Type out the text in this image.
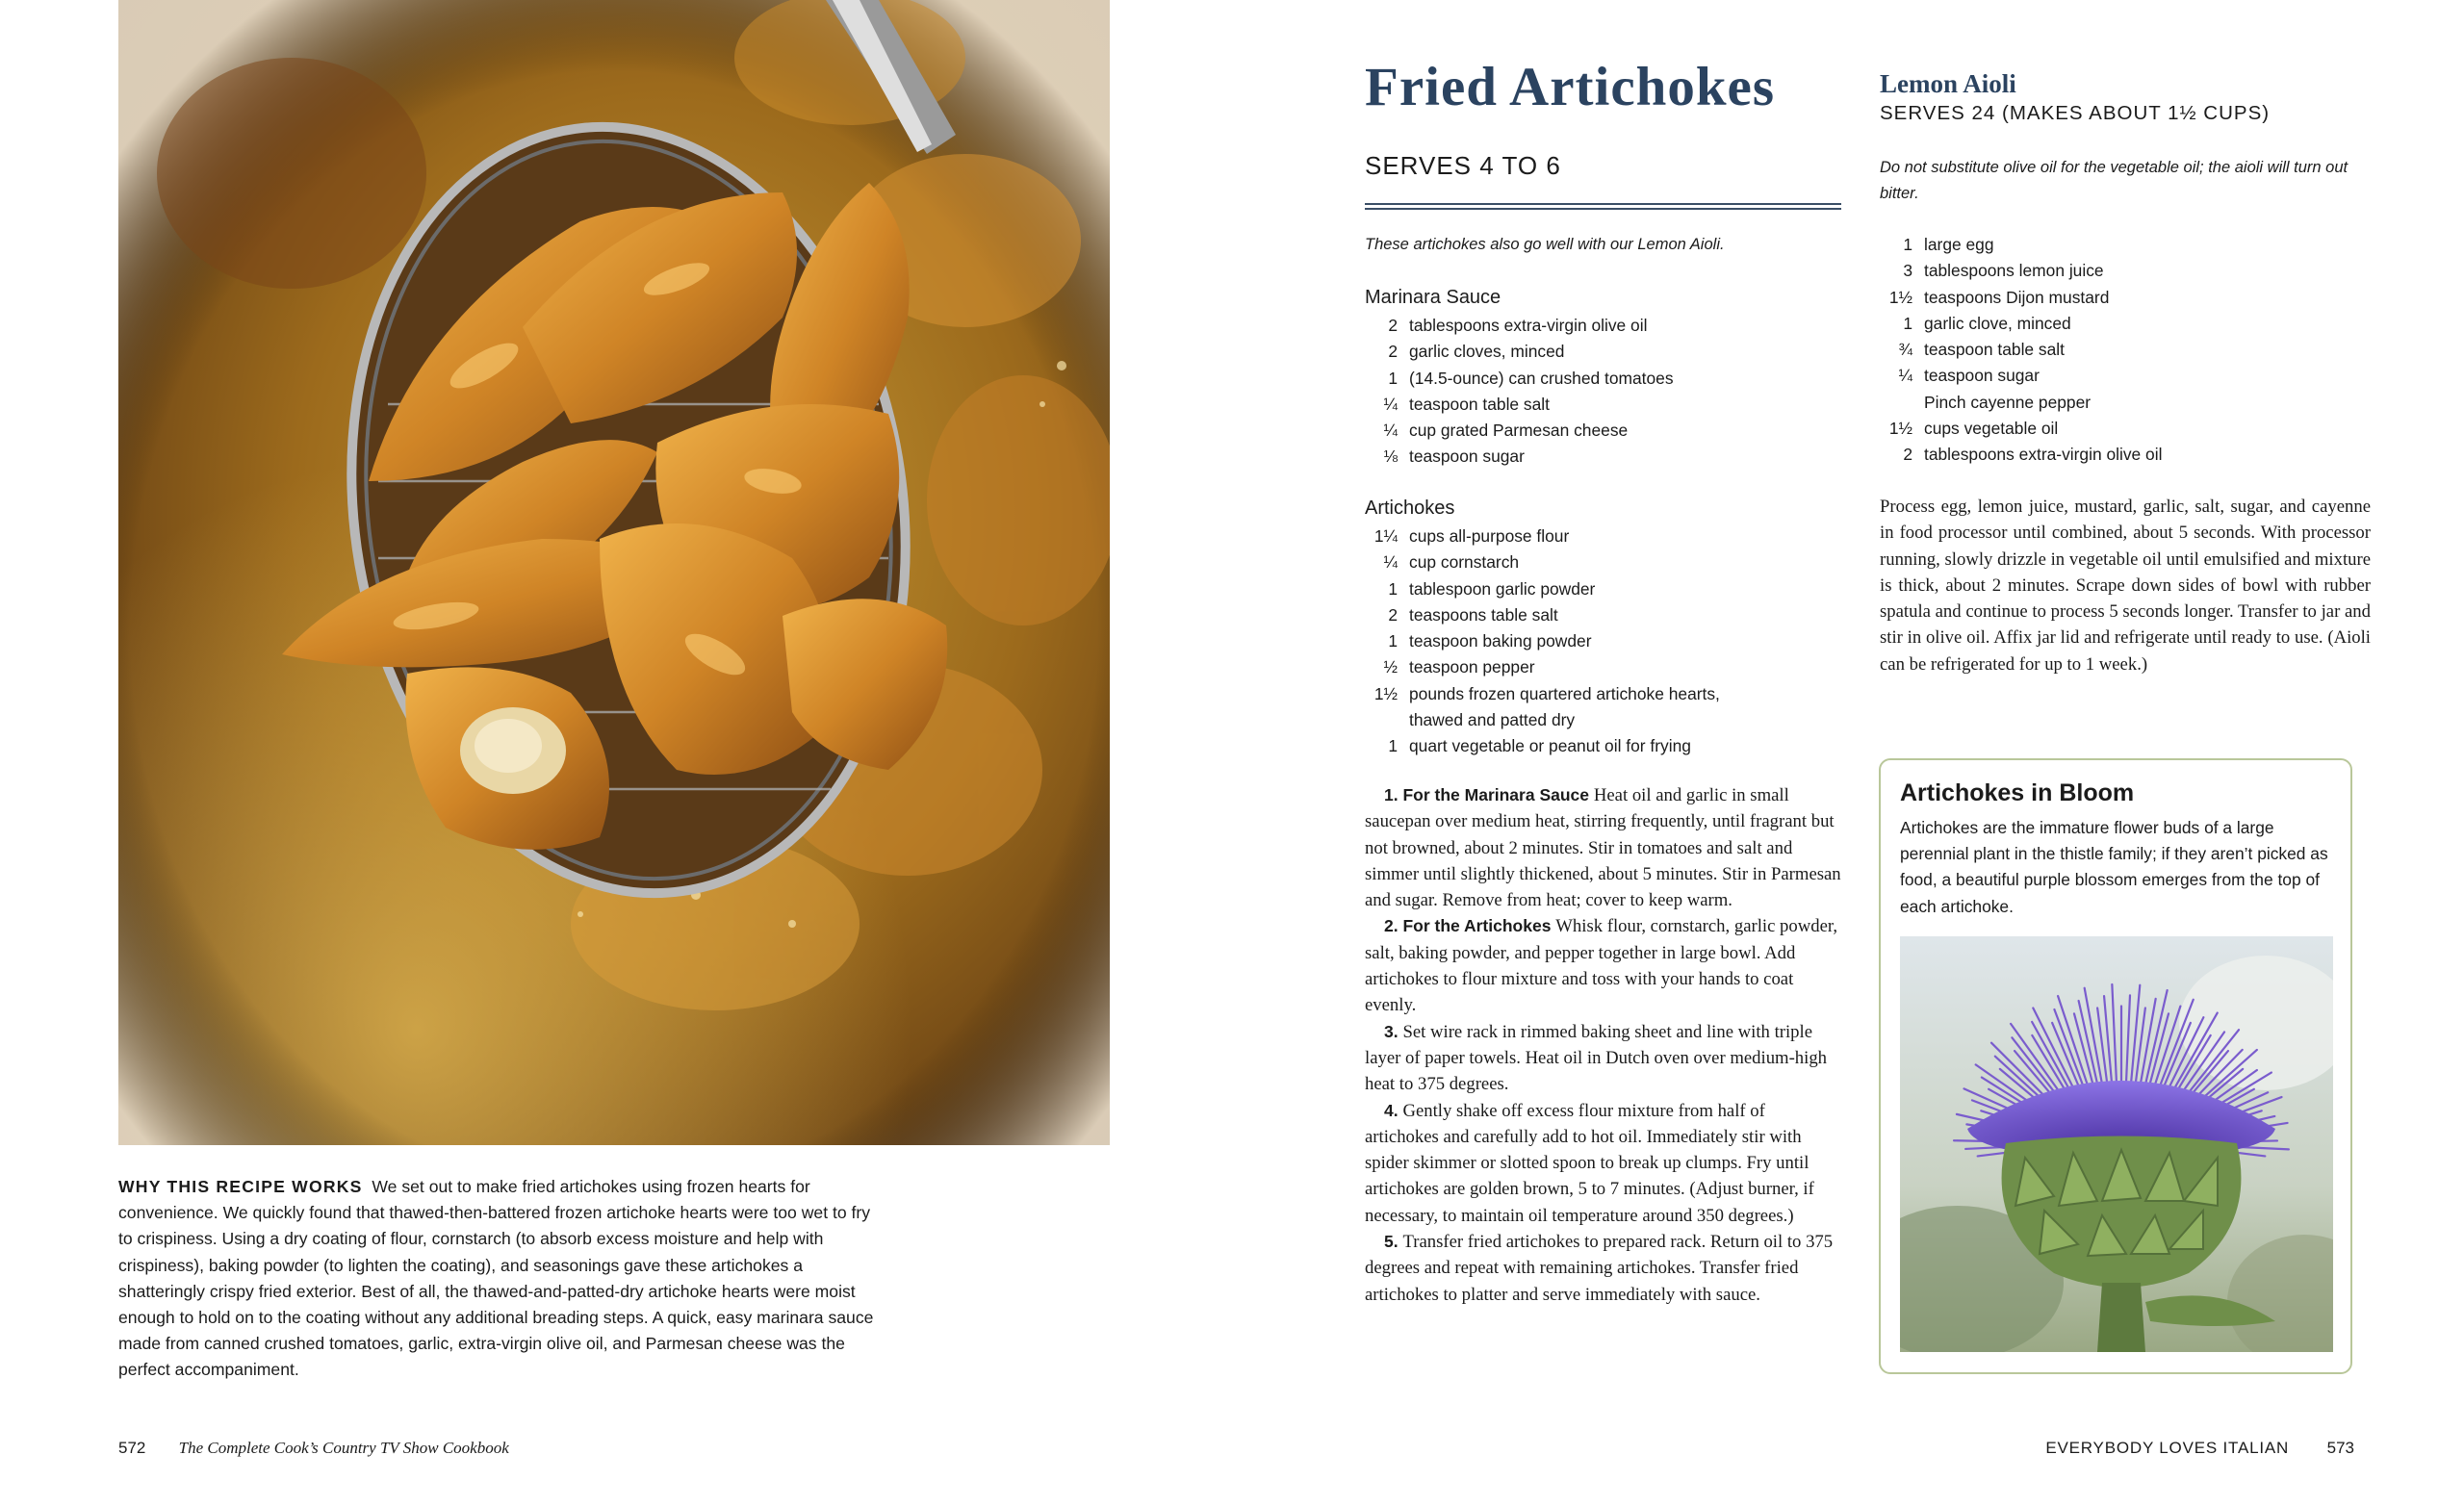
WHY THIS RECIPE WORKS We set out to make fried artichokes using frozen hearts for convenience. We quickly found that thawed-then-battered frozen artichoke hearts were too wet to fry to crispiness. Using a dry coating of flour, cornstarch (to absorb excess moisture and help with crispiness), baking powder (to lighten the coating), and seasonings gave these artichokes a shatteringly crispy fried exterior. Best of all, the thawed-and-patted-dry artichoke hearts were moist enough to hold on to the coating without any additional breading steps. A quick, easy marinara sauce made from canned crushed tomatoes, garlic, extra-virgin olive oil, and Parmesan cheese was the perfect accompaniment.
572 The Complete Cook’s Country TV Show Cookbook
Fried Artichokes
SERVES 4 TO 6
These artichokes also go well with our Lemon Aioli.
Marinara Sauce
2 tablespoons extra-virgin olive oil
2 garlic cloves, minced
1 (14.5-ounce) can crushed tomatoes
¼ teaspoon table salt
¼ cup grated Parmesan cheese
⅛ teaspoon sugar
Artichokes
1¼ cups all-purpose flour
¼ cup cornstarch
1 tablespoon garlic powder
2 teaspoons table salt
1 teaspoon baking powder
½ teaspoon pepper
1½ pounds frozen quartered artichoke hearts,
thawed and patted dry
1 quart vegetable or peanut oil for frying

1. For the Marinara Sauce Heat oil and garlic in small saucepan over medium heat, stirring frequently, until fragrant but not browned, about 2 minutes. Stir in tomatoes and salt and simmer until slightly thickened, about 5 minutes. Stir in Parmesan and sugar. Remove from heat; cover to keep warm.

2. For the Artichokes Whisk flour, cornstarch, garlic powder, salt, baking powder, and pepper together in large bowl. Add artichokes to flour mixture and toss with your hands to coat evenly.

3. Set wire rack in rimmed baking sheet and line with triple layer of paper towels. Heat oil in Dutch oven over medium-high heat to 375 degrees.

4. Gently shake off excess flour mixture from half of artichokes and carefully add to hot oil. Immediately stir with spider skimmer or slotted spoon to break up clumps. Fry until artichokes are golden brown, 5 to 7 minutes. (Adjust burner, if necessary, to maintain oil temperature around 350 degrees.)

5. Transfer fried artichokes to prepared rack. Return oil to 375 degrees and repeat with remaining artichokes. Transfer fried artichokes to platter and serve immediately with sauce.

Lemon Aioli
SERVES 24 (MAKES ABOUT 1½ CUPS)
Do not substitute olive oil for the vegetable oil; the aioli will turn out bitter.
1 large egg
3 tablespoons lemon juice
1½ teaspoons Dijon mustard
1 garlic clove, minced
¾ teaspoon table salt
¼ teaspoon sugar
Pinch cayenne pepper
1½ cups vegetable oil
2 tablespoons extra-virgin olive oil
Process egg, lemon juice, mustard, garlic, salt, sugar, and cayenne in food processor until combined, about 5 seconds. With processor running, slowly drizzle in vegetable oil until emulsified and mixture is thick, about 2 minutes. Scrape down sides of bowl with rubber spatula and continue to process 5 seconds longer. Transfer to jar and stir in olive oil. Affix jar lid and refrigerate until ready to use. (Aioli can be refrigerated for up to 1 week.)
Artichokes in Bloom
Artichokes are the immature flower buds of a large perennial plant in the thistle family; if they aren’t picked as food, a beautiful purple blossom emerges from the top of each artichoke.
EVERYBODY LOVES ITALIAN 573
